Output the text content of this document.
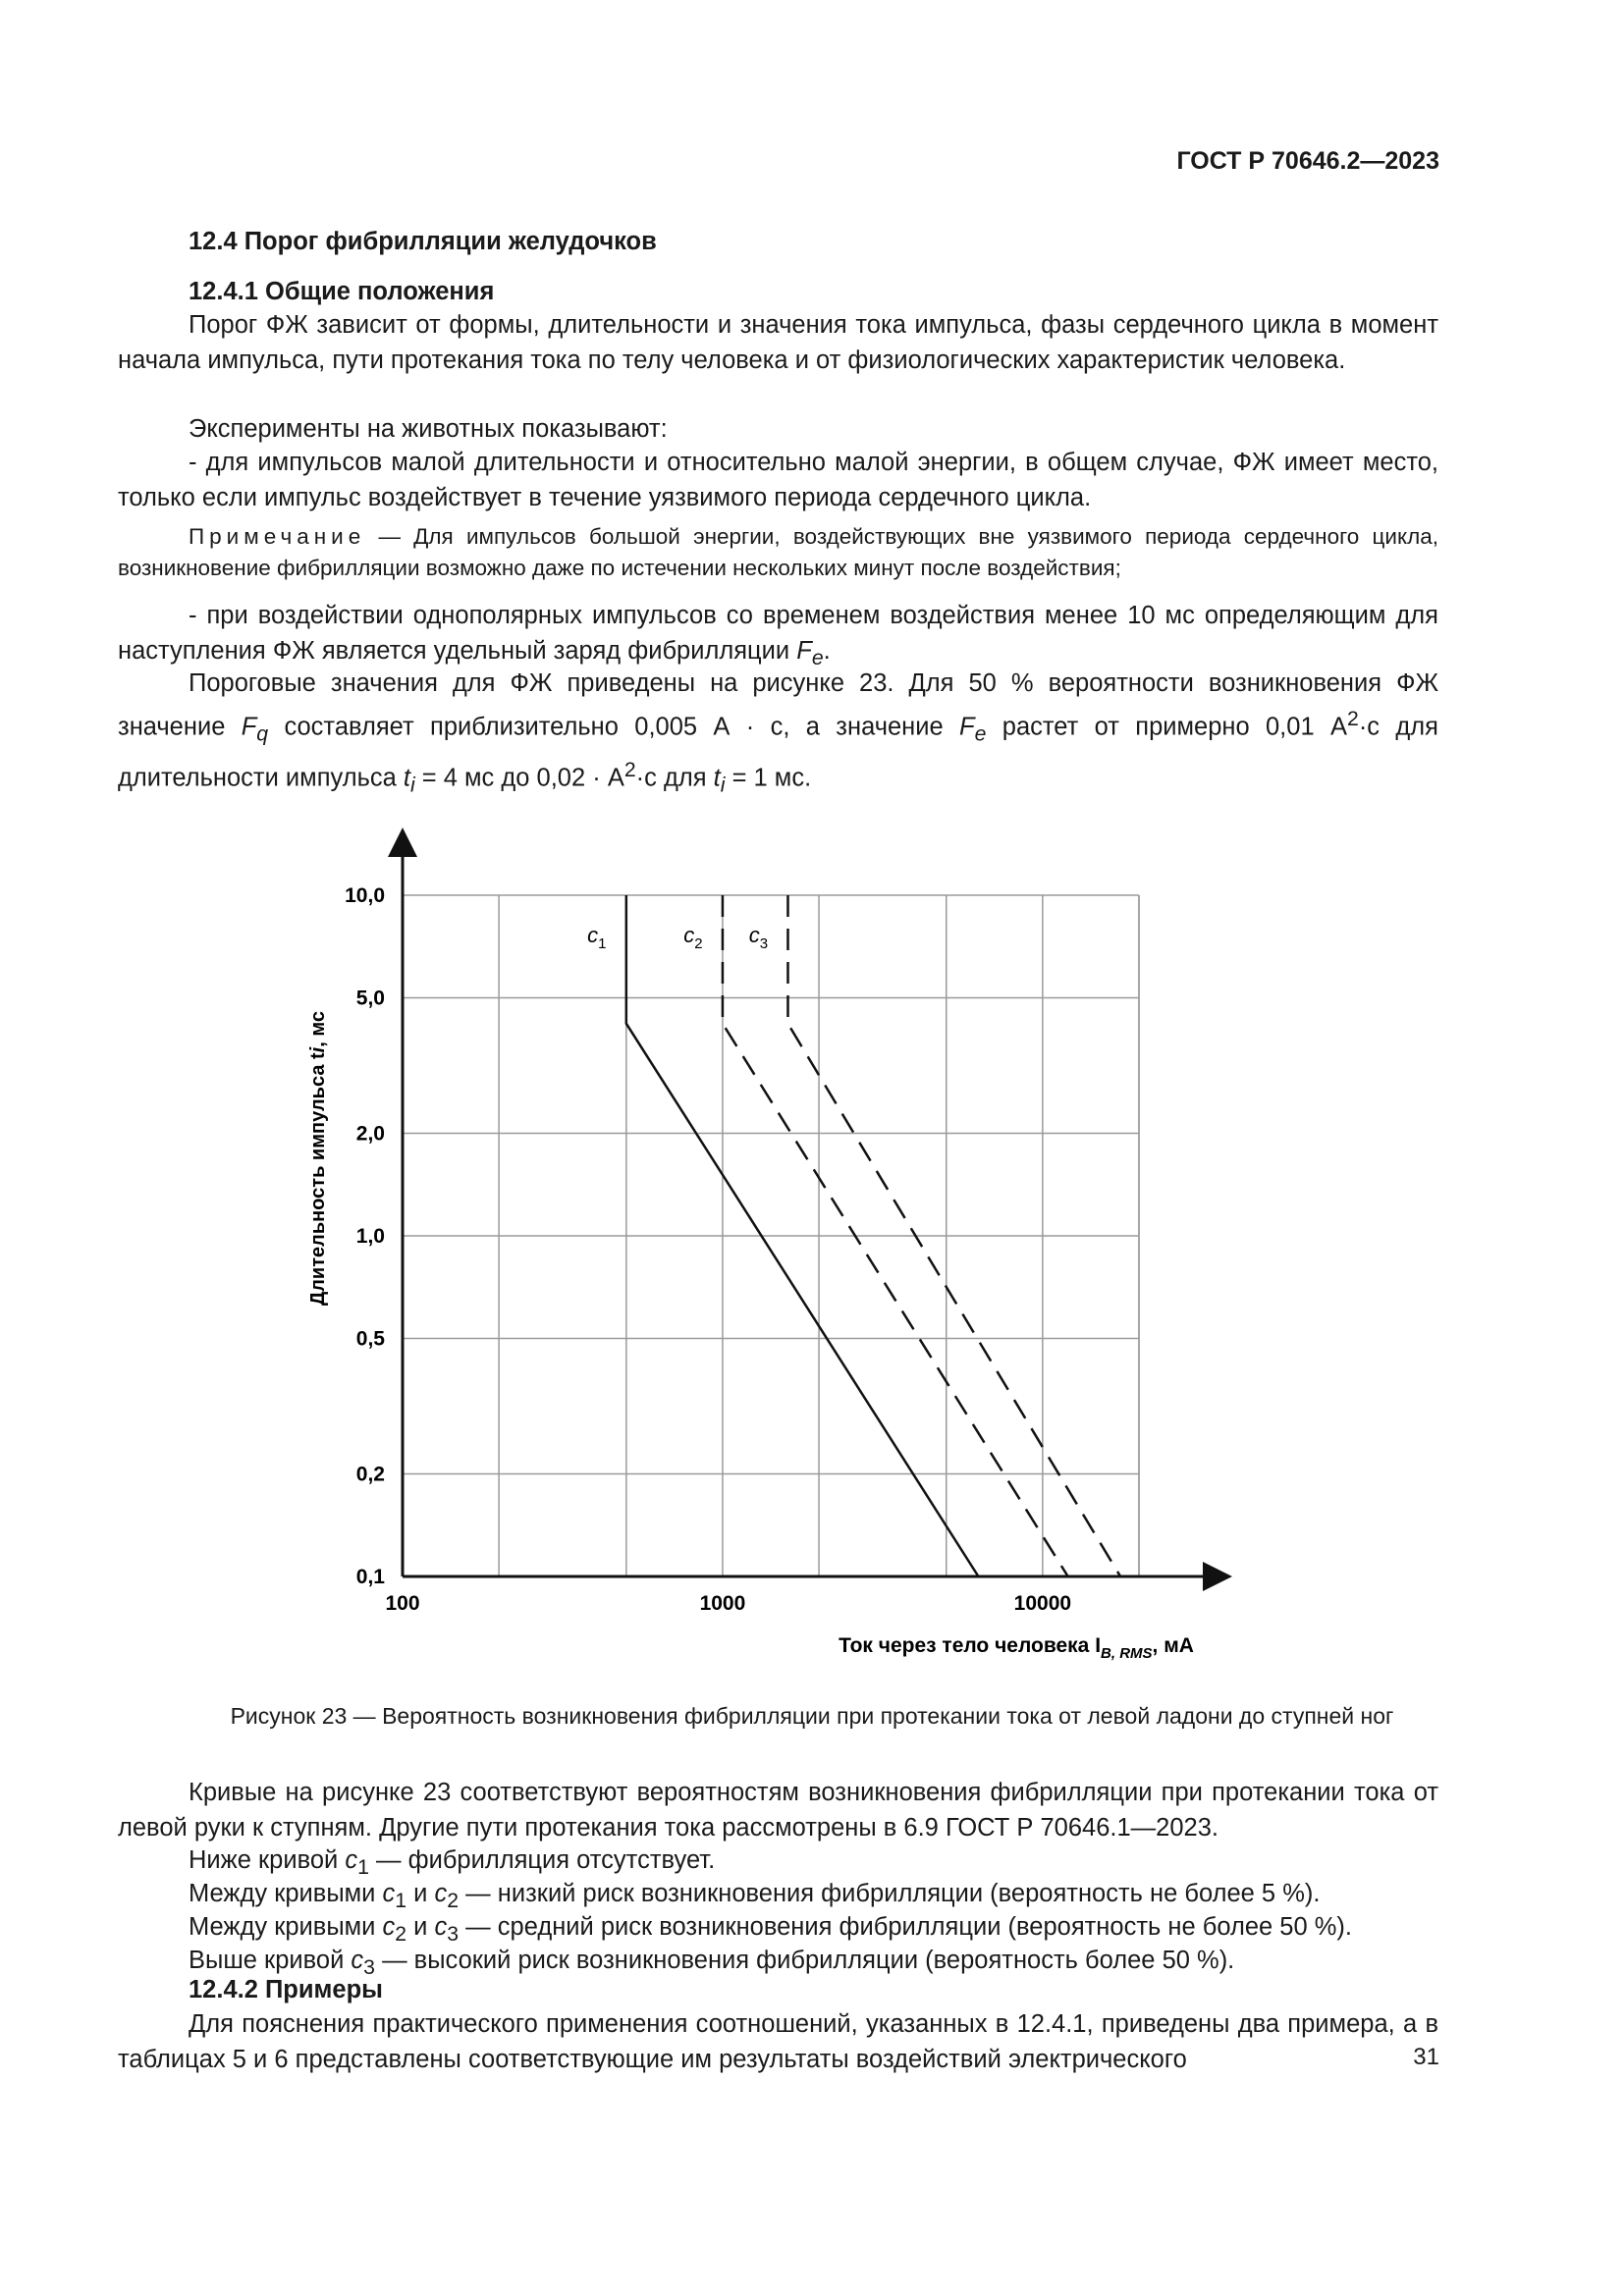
ГОСТ Р 70646.2—2023
12.4 Порог фибрилляции желудочков
12.4.1 Общие положения

Порог ФЖ зависит от формы, длительности и значения тока импульса, фазы сердечного цикла в момент начала импульса, пути протекания тока по телу человека и от физиологических характеристик человека.

Эксперименты на животных показывают:

- для импульсов малой длительности и относительно малой энергии, в общем случае, ФЖ имеет место, только если импульс воздействует в течение уязвимого периода сердечного цикла.

Примечание — Для импульсов большой энергии, воздействующих вне уязвимого периода сердечного цикла, возникновение фибрилляции возможно даже по истечении нескольких минут после воздействия;

- при воздействии однополярных импульсов со временем воздействия менее 10 мс определяющим для наступления ФЖ является удельный заряд фибрилляции $F_e$.

Пороговые значения для ФЖ приведены на рисунке 23. Для 50 % вероятности возникновения ФЖ значение $F_q$ составляет приблизительно 0,005 А · с, а значение $F_e$ растет от примерно 0,01 $А^2\cdot с$ для длительности импульса $t_i = 4$ мс до $0,02 \cdot А^2\cdot с$ для $t_i = 1$ мс.

10,0
5,0
2,0
1,0
0,5
0,2
0,1
100	1000	10000
$c_1$	$c_2$ $c_3$
Длительность импульса ti, мс
Ток через тело человека $I_{B, RMS}$, мА
Рисунок 23 — Вероятность возникновения фибрилляции при протекании тока от левой ладони до ступней ног

Кривые на рисунке 23 соответствуют вероятностям возникновения фибрилляции при протекании тока от левой руки к ступням. Другие пути протекания тока рассмотрены в 6.9 ГОСТ Р 70646.1—2023.

Ниже кривой $c_1$ — фибрилляция отсутствует.

Между кривыми $c_1$ и $c_2$ — низкий риск возникновения фибрилляции (вероятность не более 5 %).

Между кривыми $c_2$ и $c_3$ — средний риск возникновения фибрилляции (вероятность не более 50 %).

Выше кривой $c_3$ — высокий риск возникновения фибрилляции (вероятность более 50 %).

12.4.2 Примеры

Для пояснения практического применения соотношений, указанных в 12.4.1, приведены два примера, а в таблицах 5 и 6 представлены соответствующие им результаты воздействий электрического	31
